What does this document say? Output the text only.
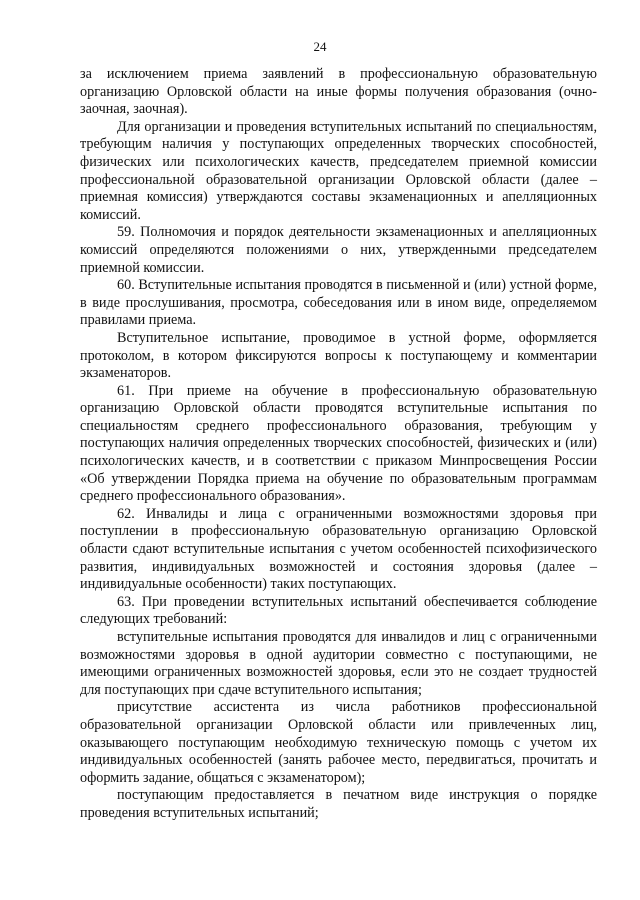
24

за исключением приема заявлений в профессиональную образовательную организацию Орловской области на иные формы получения образования (очно-заочная, заочная).

Для организации и проведения вступительных испытаний по специальностям, требующим наличия у поступающих определенных творческих способностей, физических или психологических качеств, председателем приемной комиссии профессиональной образовательной организации Орловской области (далее – приемная комиссия) утверждаются составы экзаменационных и апелляционных комиссий.

59. Полномочия и порядок деятельности экзаменационных и апелляционных комиссий определяются положениями о них, утвержденными председателем приемной комиссии.

60. Вступительные испытания проводятся в письменной и (или) устной форме, в виде прослушивания, просмотра, собеседования или в ином виде, определяемом правилами приема.

Вступительное испытание, проводимое в устной форме, оформляется протоколом, в котором фиксируются вопросы к поступающему и комментарии экзаменаторов.

61. При приеме на обучение в профессиональную образовательную организацию Орловской области проводятся вступительные испытания по специальностям среднего профессионального образования, требующим у поступающих наличия определенных творческих способностей, физических и (или) психологических качеств, и в соответствии с приказом Минпросвещения России «Об утверждении Порядка приема на обучение по образовательным программам среднего профессионального образования».

62. Инвалиды и лица с ограниченными возможностями здоровья при поступлении в профессиональную образовательную организацию Орловской области сдают вступительные испытания с учетом особенностей психофизического развития, индивидуальных возможностей и состояния здоровья (далее – индивидуальные особенности) таких поступающих.

63. При проведении вступительных испытаний обеспечивается соблюдение следующих требований:

вступительные испытания проводятся для инвалидов и лиц с ограниченными возможностями здоровья в одной аудитории совместно с поступающими, не имеющими ограниченных возможностей здоровья, если это не создает трудностей для поступающих при сдаче вступительного испытания;

присутствие ассистента из числа работников профессиональной образовательной организации Орловской области или привлеченных лиц, оказывающего поступающим необходимую техническую помощь с учетом их индивидуальных особенностей (занять рабочее место, передвигаться, прочитать и оформить задание, общаться с экзаменатором);

поступающим предоставляется в печатном виде инструкция о порядке проведения вступительных испытаний;
